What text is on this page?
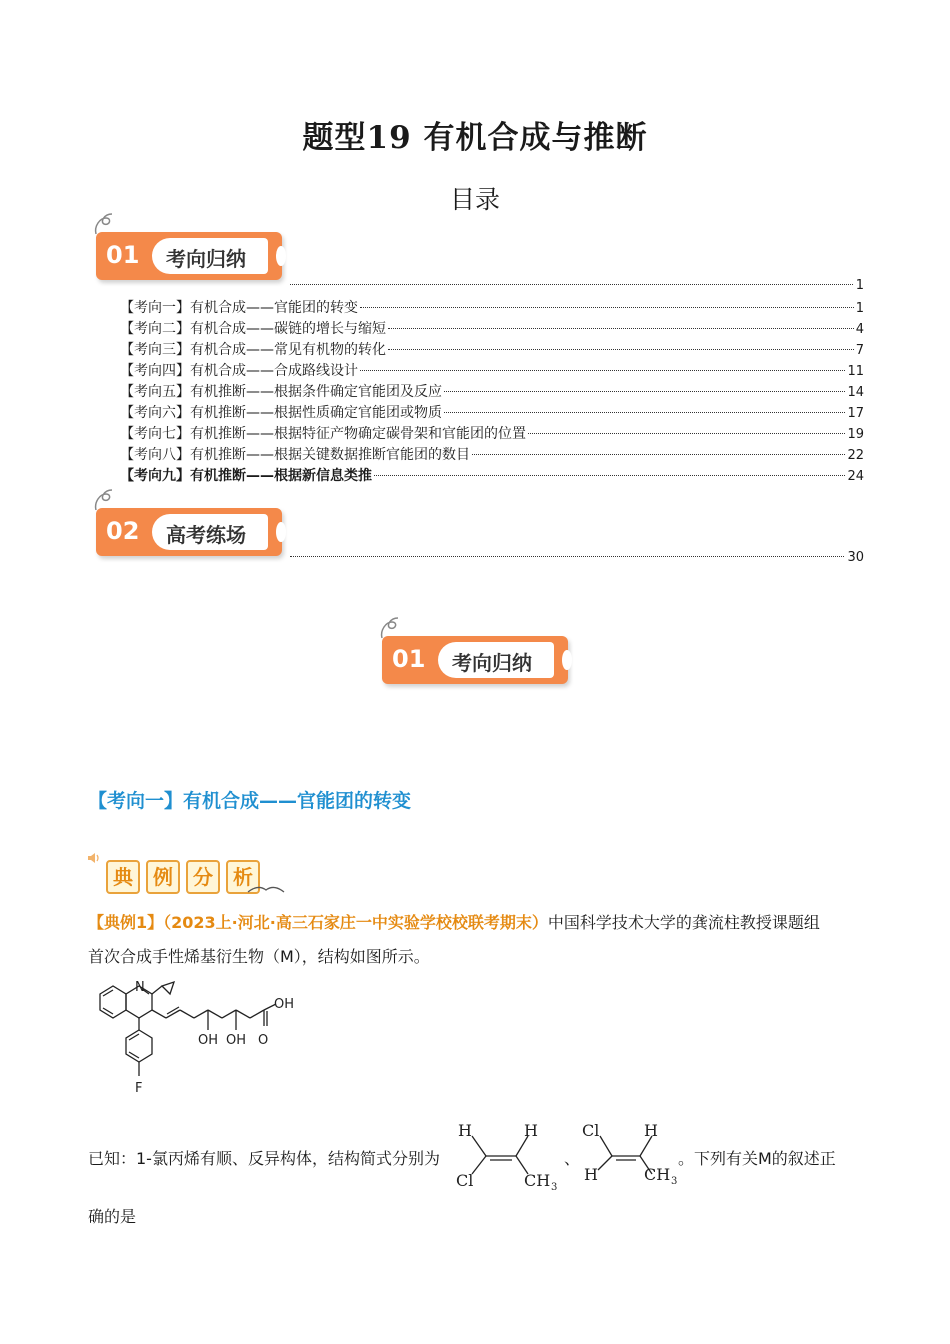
题型19 有机合成与推断
目录
01 考向归纳
1
【考向一】有机合成——官能团的转变	1
【考向二】有机合成——碳链的增长与缩短	4
【考向三】有机合成——常见有机物的转化	7
【考向四】有机合成——合成路线设计	11
【考向五】有机推断——根据条件确定官能团及反应	14
【考向六】有机推断——根据性质确定官能团或物质	17
【考向七】有机推断——根据特征产物确定碳骨架和官能团的位置	19
【考向八】有机推断——根据关键数据推断官能团的数目	22
【考向九】有机推断——根据新信息类推	24
02 高考练场
30
01 考向归纳
【考向一】有机合成——官能团的转变
典	例	分	析
【典例1】（2023上·河北·高三石家庄一中实验学校校联考期末）中国科学技术大学的龚流柱教授课题组
首次合成手性烯基衍生物（M），结构如图所示。
N
OH
OH OH O
F
已知：1-氯丙烯有顺、反异构体，结构简式分别为
H	H
Cl	CH 3
、
Cl	H
H	CH 3
。下列有关M的叙述正
确的是
